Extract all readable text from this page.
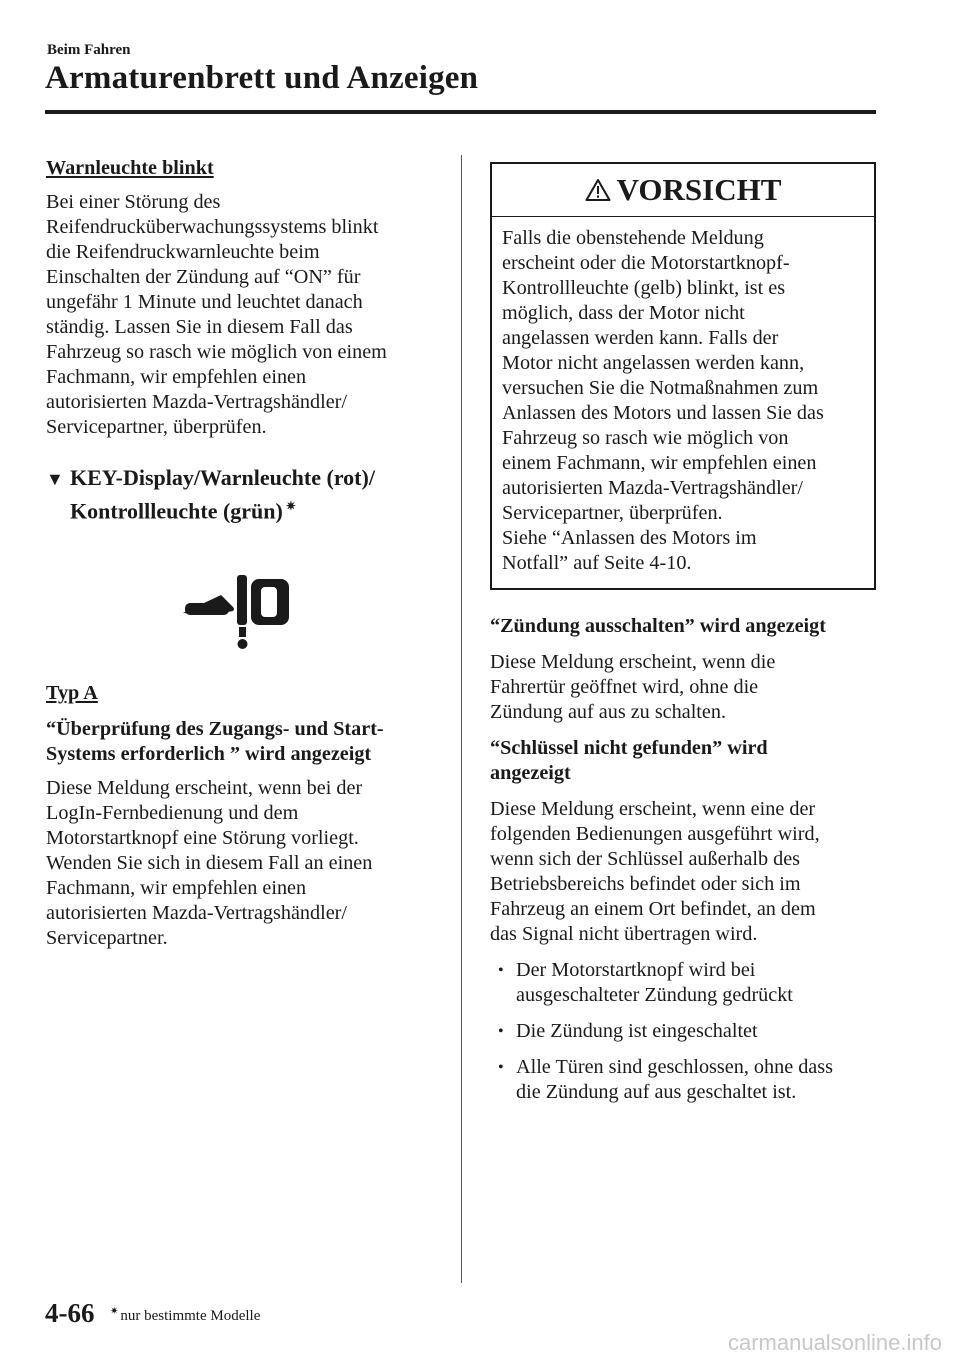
Beim Fahren
Armaturenbrett und Anzeigen
Warnleuchte blinkt

Bei einer Störung des
Reifendrucküberwachungssystems blinkt
die Reifendruckwarnleuchte beim
Einschalten der Zündung auf “ON” für
ungefähr 1 Minute und leuchtet danach
ständig. Lassen Sie in diesem Fall das
Fahrzeug so rasch wie möglich von einem
Fachmann, wir empfehlen einen
autorisierten Mazda-Vertragshändler/
Servicepartner, überprüfen.

▼ KEY-Display/Warnleuchte (rot)/
Kontrollleuchte (grün) ✷
Typ A
“Überprüfung des Zugangs- und Start-
Systems erforderlich ” wird angezeigt

Diese Meldung erscheint, wenn bei der
LogIn-Fernbedienung und dem
Motorstartknopf eine Störung vorliegt.
Wenden Sie sich in diesem Fall an einen
Fachmann, wir empfehlen einen
autorisierten Mazda-Vertragshändler/
Servicepartner.

VORSICHT

Falls die obenstehende Meldung
erscheint oder die Motorstartknopf-
Kontrollleuchte (gelb) blinkt, ist es
möglich, dass der Motor nicht
angelassen werden kann. Falls der
Motor nicht angelassen werden kann,
versuchen Sie die Notmaßnahmen zum
Anlassen des Motors und lassen Sie das
Fahrzeug so rasch wie möglich von
einem Fachmann, wir empfehlen einen
autorisierten Mazda-Vertragshändler/
Servicepartner, überprüfen.
Siehe “Anlassen des Motors im
Notfall” auf Seite 4-10.

“Zündung ausschalten” wird angezeigt

Diese Meldung erscheint, wenn die
Fahrertür geöffnet wird, ohne die
Zündung auf aus zu schalten.

“Schlüssel nicht gefunden” wird
angezeigt

Diese Meldung erscheint, wenn eine der
folgenden Bedienungen ausgeführt wird,
wenn sich der Schlüssel außerhalb des
Betriebsbereichs befindet oder sich im
Fahrzeug an einem Ort befindet, an dem
das Signal nicht übertragen wird.

• Der Motorstartknopf wird bei
ausgeschalteter Zündung gedrückt
• Die Zündung ist eingeschaltet
• Alle Türen sind geschlossen, ohne dass
die Zündung auf aus geschaltet ist.
4-66 ✷ nur bestimmte Modelle
carmanualsonline.info
